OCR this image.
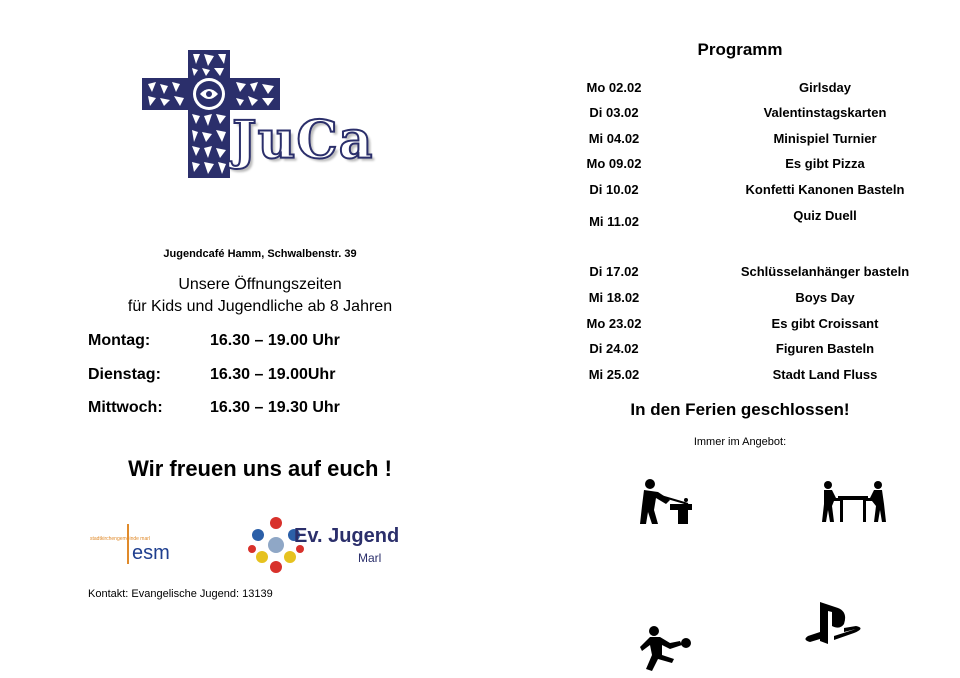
JuCa
Jugendcafé Hamm, Schwalbenstr. 39
Unsere Öffnungszeiten
für Kids und Jugendliche ab 8 Jahren
Montag:	16.30 – 19.00 Uhr
Dienstag:	16.30 – 19.00Uhr
Mittwoch:	16.30 – 19.30 Uhr
Wir freuen uns auf euch !
stadtkirchengemeinde marl
esm
Ev. Jugend
Marl
Kontakt: Evangelische Jugend: 13139
Programm
Mo 02.02	Girlsday
Di 03.02	Valentinstagskarten
Mi 04.02	Minispiel Turnier
Mo 09.02	Es gibt Pizza
Di 10.02	Konfetti Kanonen Basteln
Mi 11.02	Quiz Duell
Di 17.02	Schlüsselanhänger basteln
Mi 18.02	Boys Day
Mo 23.02	Es gibt Croissant
Di 24.02	Figuren Basteln
Mi 25.02	Stadt Land Fluss
In den Ferien geschlossen!
Immer im Angebot:
